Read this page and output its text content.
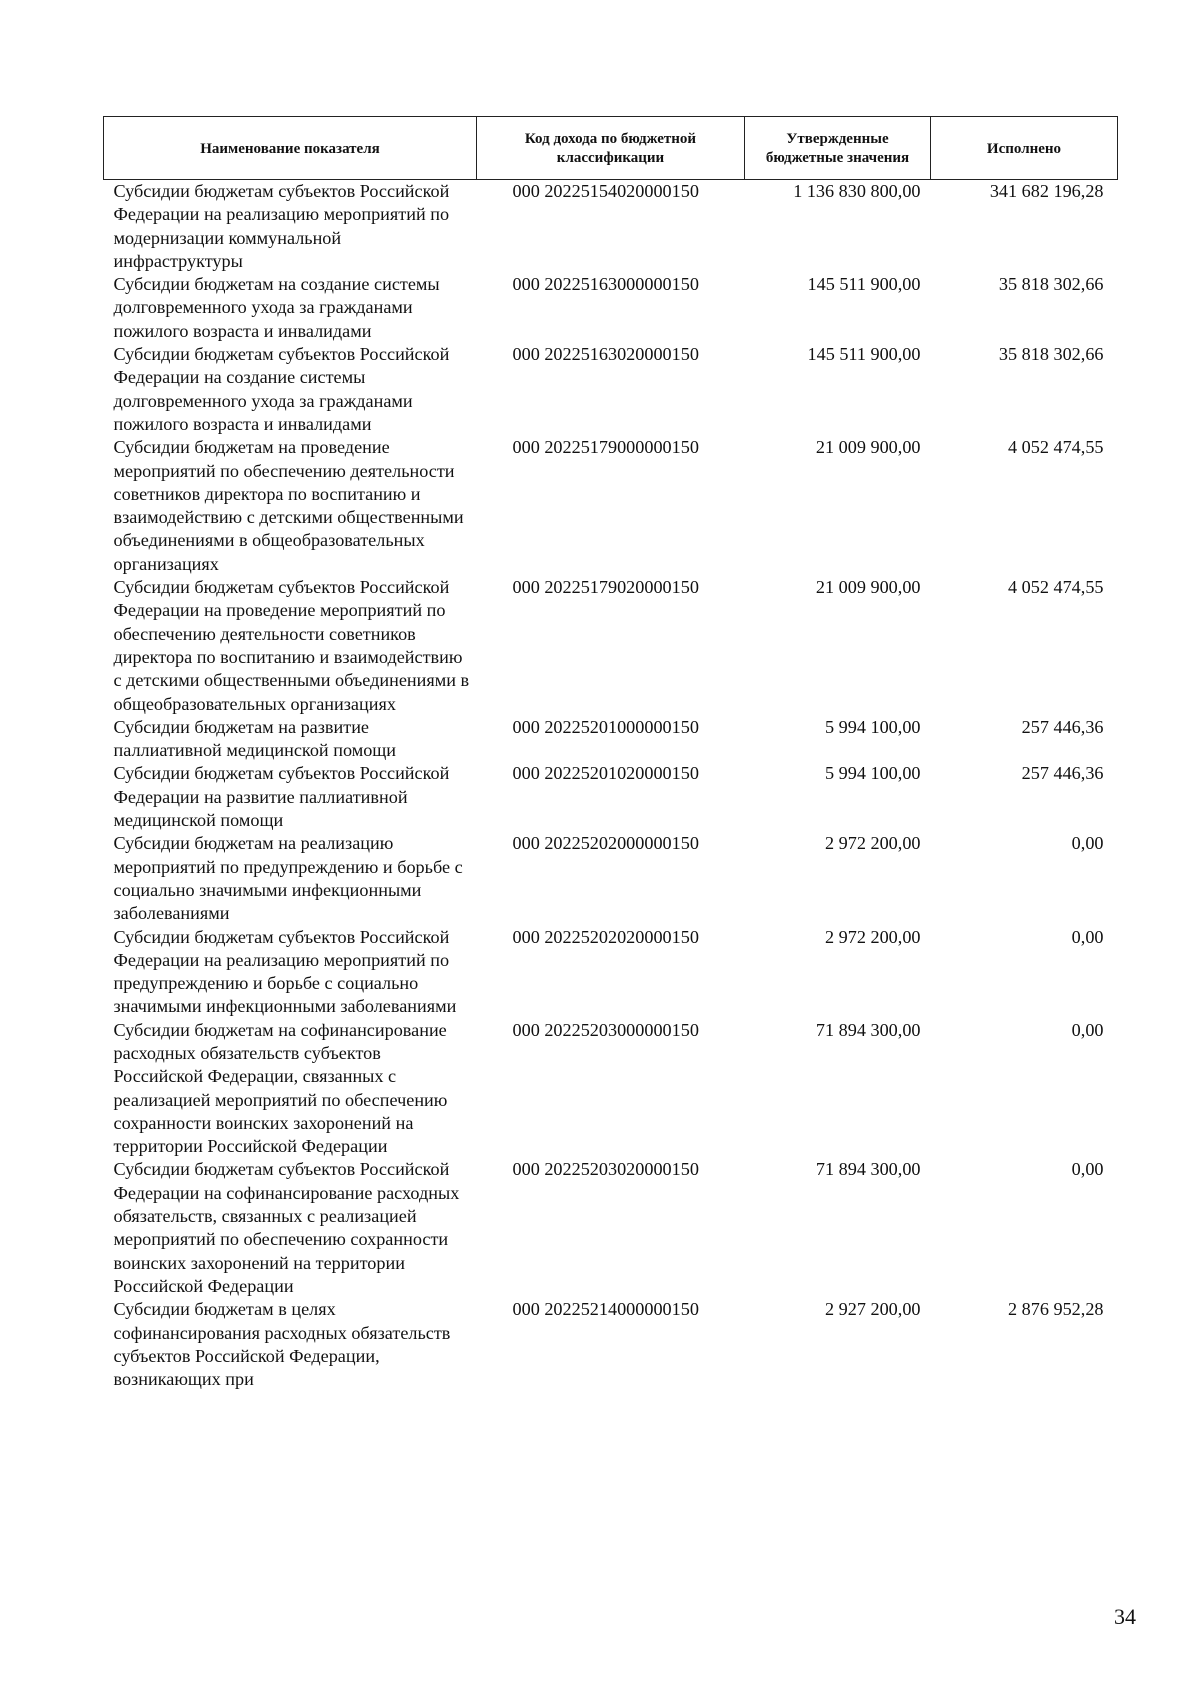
Наименование показателя	Код дохода по бюджетной классификации	Утвержденные бюджетные значения	Исполнено
Субсидии бюджетам субъектов Российской Федерации на реализацию мероприятий по модернизации коммунальной инфраструктуры	000 20225154020000150	1 136 830 800,00	341 682 196,28
Субсидии бюджетам на создание системы долговременного ухода за гражданами пожилого возраста и инвалидами	000 20225163000000150	145 511 900,00	35 818 302,66
Субсидии бюджетам субъектов Российской Федерации на создание системы долговременного ухода за гражданами пожилого возраста и инвалидами	000 20225163020000150	145 511 900,00	35 818 302,66
Субсидии бюджетам на проведение мероприятий по обеспечению деятельности советников директора по воспитанию и взаимодействию с детскими общественными объединениями в общеобразовательных организациях	000 20225179000000150	21 009 900,00	4 052 474,55
Субсидии бюджетам субъектов Российской Федерации на проведение мероприятий по обеспечению деятельности советников директора по воспитанию и взаимодействию с детскими общественными объединениями в общеобразовательных организациях	000 20225179020000150	21 009 900,00	4 052 474,55
Субсидии бюджетам на развитие паллиативной медицинской помощи	000 20225201000000150	5 994 100,00	257 446,36
Субсидии бюджетам субъектов Российской Федерации на развитие паллиативной медицинской помощи	000 20225201020000150	5 994 100,00	257 446,36
Субсидии бюджетам на реализацию мероприятий по предупреждению и борьбе с социально значимыми инфекционными заболеваниями	000 20225202000000150	2 972 200,00	0,00
Субсидии бюджетам субъектов Российской Федерации на реализацию мероприятий по предупреждению и борьбе с социально значимыми инфекционными заболеваниями	000 20225202020000150	2 972 200,00	0,00
Субсидии бюджетам на софинансирование расходных обязательств субъектов Российской Федерации, связанных с реализацией мероприятий по обеспечению сохранности воинских захоронений на территории Российской Федерации	000 20225203000000150	71 894 300,00	0,00
Субсидии бюджетам субъектов Российской Федерации на софинансирование расходных обязательств, связанных с реализацией мероприятий по обеспечению сохранности воинских захоронений на территории Российской Федерации	000 20225203020000150	71 894 300,00	0,00
Субсидии бюджетам в целях софинансирования расходных обязательств субъектов Российской Федерации, возникающих при	000 20225214000000150	2 927 200,00	2 876 952,28
34
